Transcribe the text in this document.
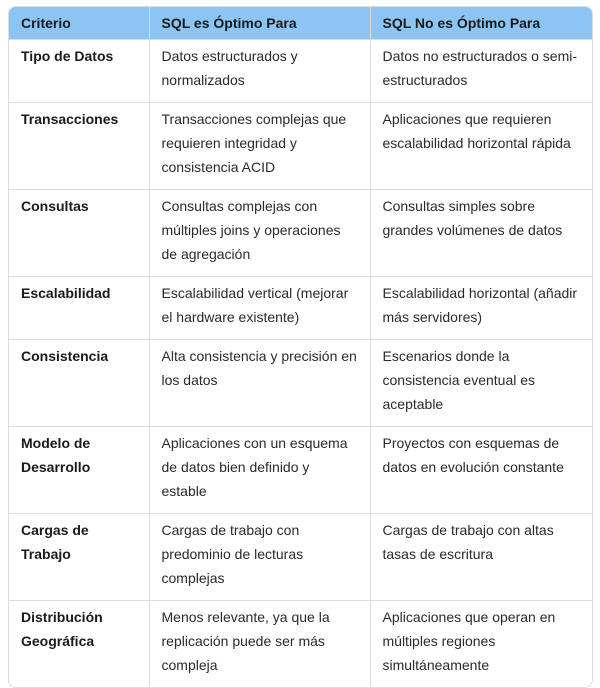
Criterio	SQL es Óptimo Para	SQL No es Óptimo Para
Tipo de Datos	Datos estructurados y normalizados	Datos no estructurados o semi-estructurados
Transacciones	Transacciones complejas que requieren integridad y consistencia ACID	Aplicaciones que requieren escalabilidad horizontal rápida
Consultas	Consultas complejas con múltiples joins y operaciones de agregación	Consultas simples sobre grandes volúmenes de datos
Escalabilidad	Escalabilidad vertical (mejorar el hardware existente)	Escalabilidad horizontal (añadir más servidores)
Consistencia	Alta consistencia y precisión en los datos	Escenarios donde la consistencia eventual es aceptable
Modelo de Desarrollo	Aplicaciones con un esquema de datos bien definido y estable	Proyectos con esquemas de datos en evolución constante
Cargas de Trabajo	Cargas de trabajo con predominio de lecturas complejas	Cargas de trabajo con altas tasas de escritura
Distribución Geográfica	Menos relevante, ya que la replicación puede ser más compleja	Aplicaciones que operan en múltiples regiones simultáneamente
